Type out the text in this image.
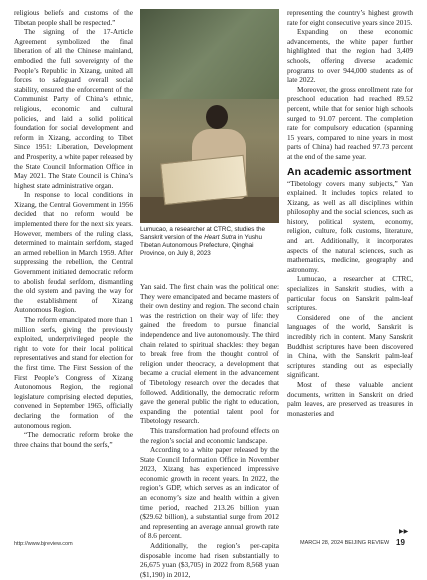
religious beliefs and customs of the Tibetan people shall be respected.”

The signing of the 17-Article Agreement symbolized the final liberation of all the Chinese mainland, embodied the full sovereignty of the People’s Republic in Xizang, united all forces to safeguard overall social stability, ensured the enforcement of the Communist Party of China’s ethnic, religious, economic and cultural policies, and laid a solid political foundation for social development and reform in Xizang, according to Tibet Since 1951: Liberation, Development and Prosperity, a white paper released by the State Council Information Office in May 2021. The State Council is China’s highest state administrative organ.

In response to local conditions in Xizang, the Central Government in 1956 decided that no reform would be implemented there for the next six years. However, members of the ruling class, determined to maintain serfdom, staged an armed rebellion in March 1959. After suppressing the rebellion, the Central Government initiated democratic reform to abolish feudal serfdom, dismantling the old system and paving the way for the establishment of Xizang Autonomous Region.

The reform emancipated more than 1 million serfs, giving the previously exploited, underprivileged people the right to vote for their local political representatives and stand for election for the first time. The First Session of the First People’s Congress of Xizang Autonomous Region, the regional legislature comprising elected deputies, convened in September 1965, officially declaring the formation of the autonomous region.

“The democratic reform broke the three chains that bound the serfs,”

Lumucao, a researcher at CTRC, studies the Sanskrit version of the Heart Sutra in Yushu Tibetan Autonomous Prefecture, Qinghai Province, on July 8, 2023

Yan said. The first chain was the political one: They were emancipated and became masters of their own destiny and region. The second chain was the restriction on their way of life: they gained the freedom to pursue financial independence and live autonomously. The third chain related to spiritual shackles: they began to break free from the thought control of religion under theocracy, a development that became a crucial element in the advancement of Tibetology research over the decades that followed. Additionally, the democratic reform gave the general public the right to education, expanding the potential talent pool for Tibetology research.

This transformation had profound effects on the region’s social and economic landscape.

According to a white paper released by the State Council Information Office in November 2023, Xizang has experienced impressive economic growth in recent years. In 2022, the region’s GDP, which serves as an indicator of an economy’s size and health within a given time period, reached 213.26 billion yuan ($29.62 billion), a substantial surge from 2012 and representing an average annual growth rate of 8.6 percent.

Additionally, the region’s per-capita disposable income had risen substantially to 26,675 yuan ($3,705) in 2022 from 8,568 yuan ($1,190) in 2012,

representing the country’s highest growth rate for eight consecutive years since 2015.

Expanding on these economic advancements, the white paper further highlighted that the region had 3,409 schools, offering diverse academic programs to over 944,000 students as of late 2022.

Moreover, the gross enrollment rate for preschool education had reached 89.52 percent, while that for senior high schools surged to 91.07 percent. The completion rate for compulsory education (spanning 15 years, compared to nine years in most parts of China) had reached 97.73 percent at the end of the same year.

An academic assortment

“Tibetology covers many subjects,” Yan explained. It includes topics related to Xizang, as well as all disciplines within philosophy and the social sciences, such as history, political system, economy, religion, culture, folk customs, literature, and art. Additionally, it incorporates aspects of the natural sciences, such as mathematics, medicine, geography and astronomy.

Lumucao, a researcher at CTRC, specializes in Sanskrit studies, with a particular focus on Sanskrit palm-leaf scriptures.

Considered one of the ancient languages of the world, Sanskrit is incredibly rich in content. Many Sanskrit Buddhist scriptures have been discovered in China, with the Sanskrit palm-leaf scriptures standing out as especially significant.

Most of these valuable ancient documents, written in Sanskrit on dried palm leaves, are preserved as treasures in monasteries and

▶▶
http://www.bjreview.com	MARCH 28, 2024 BEIJING REVIEW 19
